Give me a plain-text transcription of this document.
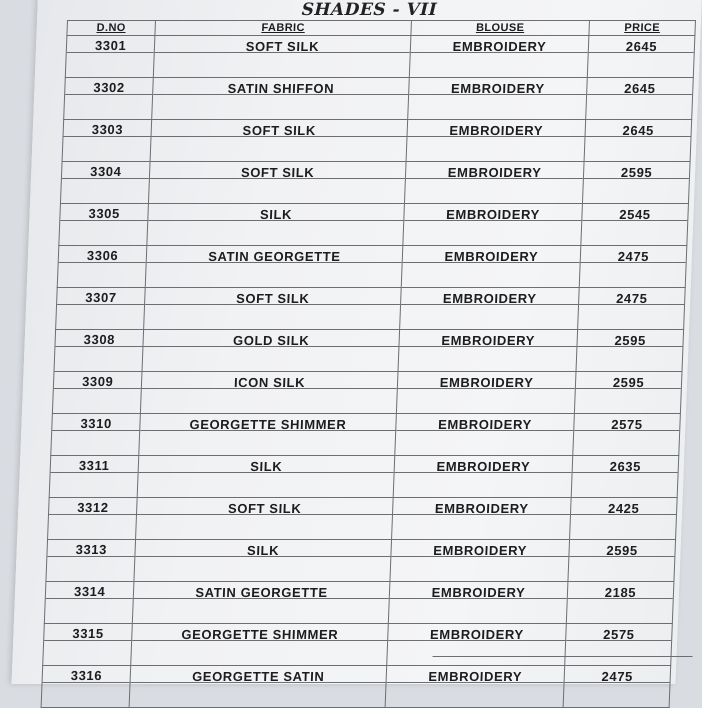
SHADES - VII
D.NO	FABRIC	BLOUSE	PRICE
3301	SOFT SILK	EMBROIDERY	2645
3302	SATIN SHIFFON	EMBROIDERY	2645
3303	SOFT SILK	EMBROIDERY	2645
3304	SOFT SILK	EMBROIDERY	2595
3305	SILK	EMBROIDERY	2545
3306	SATIN GEORGETTE	EMBROIDERY	2475
3307	SOFT SILK	EMBROIDERY	2475
3308	GOLD SILK	EMBROIDERY	2595
3309	ICON SILK	EMBROIDERY	2595
3310	GEORGETTE SHIMMER	EMBROIDERY	2575
3311	SILK	EMBROIDERY	2635
3312	SOFT SILK	EMBROIDERY	2425
3313	SILK	EMBROIDERY	2595
3314	SATIN GEORGETTE	EMBROIDERY	2185
3315	GEORGETTE SHIMMER	EMBROIDERY	2575
3316	GEORGETTE SATIN	EMBROIDERY	2475
